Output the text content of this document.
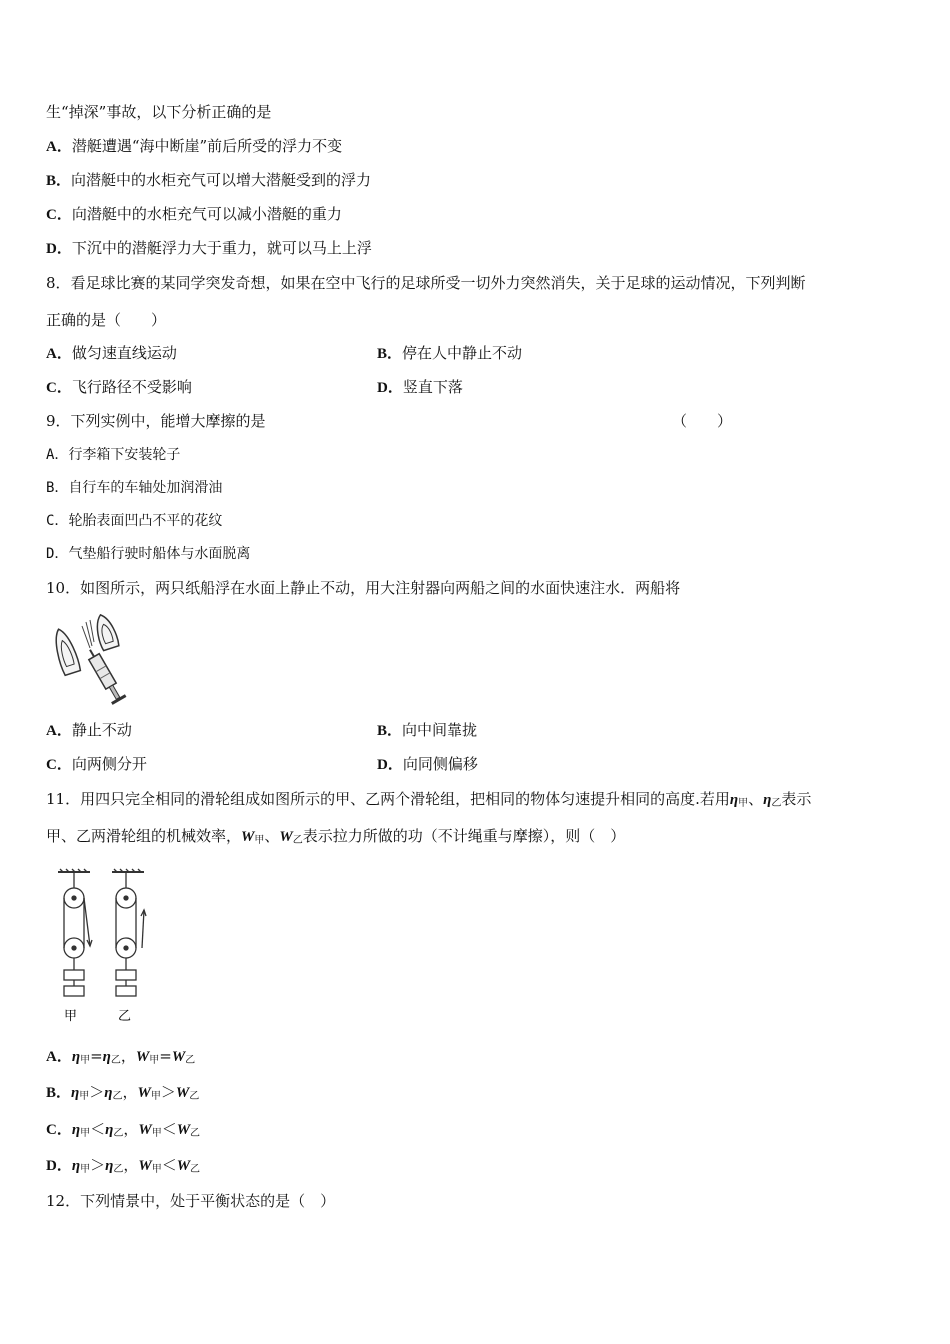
生“掉深”事故，以下分析正确的是
A．潜艇遭遇“海中断崖”前后所受的浮力不变
B．向潜艇中的水柜充气可以增大潜艇受到的浮力
C．向潜艇中的水柜充气可以减小潜艇的重力
D．下沉中的潜艇浮力大于重力，就可以马上上浮
8．看足球比赛的某同学突发奇想，如果在空中飞行的足球所受一切外力突然消失，关于足球的运动情况，下列判断
正确的是（　　）
A．做匀速直线运动	B．停在人中静止不动
C．飞行路径不受影响	D．竖直下落
9．下列实例中，能增大摩擦的是	（　　）
A．行李箱下安装轮子
B．自行车的车轴处加润滑油
C．轮胎表面凹凸不平的花纹
D．气垫船行驶时船体与水面脱离
10．如图所示，两只纸船浮在水面上静止不动，用大注射器向两船之间的水面快速注水．两船将
A．静止不动	B．向中间靠拢
C．向两侧分开	D．向同侧偏移
11．用四只完全相同的滑轮组成如图所示的甲、乙两个滑轮组，把相同的物体匀速提升相同的高度.若用$\eta_甲$、$\eta_乙$表示
甲、乙两滑轮组的机械效率，$W_甲$、$W_乙$表示拉力所做的功（不计绳重与摩擦），则（　）
甲	乙
A．$\eta_甲=\eta_乙$，$W_甲=W_乙$
B．$\eta_甲>\eta_乙$，$W_甲>W_乙$
C．$\eta_甲<\eta_乙$，$W_甲<W_乙$
D．$\eta_甲>\eta_乙$，$W_甲<W_乙$
12．下列情景中，处于平衡状态的是（　）
